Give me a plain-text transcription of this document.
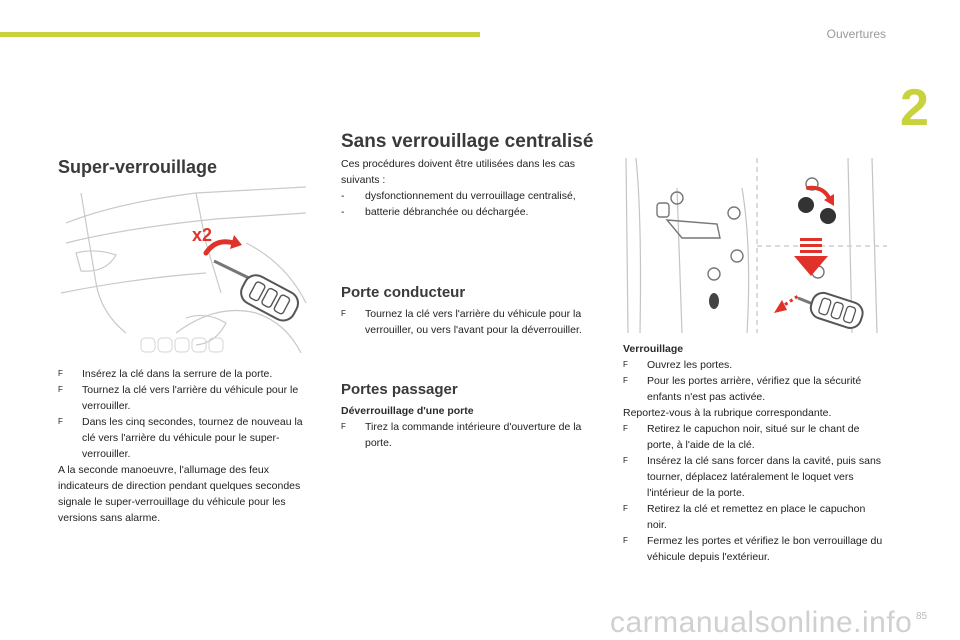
Ouvertures
2
Super-verrouillage
x2
F Insérez la clé dans la serrure de la porte.
F Tournez la clé vers l'arrière du véhicule pour le verrouiller.
F Dans les cinq secondes, tournez de nouveau la clé vers l'arrière du véhicule pour le super-verrouiller.
A la seconde manoeuvre, l'allumage des feux indicateurs de direction pendant quelques secondes signale le super-verrouillage du véhicule pour les versions sans alarme.
Sans verrouillage centralisé
Ces procédures doivent être utilisées dans les cas suivants :
- dysfonctionnement du verrouillage centralisé,
- batterie débranchée ou déchargée.
Porte conducteur
F Tournez la clé vers l'arrière du véhicule pour la verrouiller, ou vers l'avant pour la déverrouiller.
Portes passager
Déverrouillage d'une porte
F Tirez la commande intérieure d'ouverture de la porte.
Verrouillage
F Ouvrez les portes.
F Pour les portes arrière, vérifiez que la sécurité enfants n'est pas activée.
Reportez-vous à la rubrique correspondante.
F Retirez le capuchon noir, situé sur le chant de porte, à l'aide de la clé.
F Insérez la clé sans forcer dans la cavité, puis sans tourner, déplacez latéralement le loquet vers l'intérieur de la porte.
F Retirez la clé et remettez en place le capuchon noir.
F Fermez les portes et vérifiez le bon verrouillage du véhicule depuis l'extérieur.
carmanualsonline.info 85
